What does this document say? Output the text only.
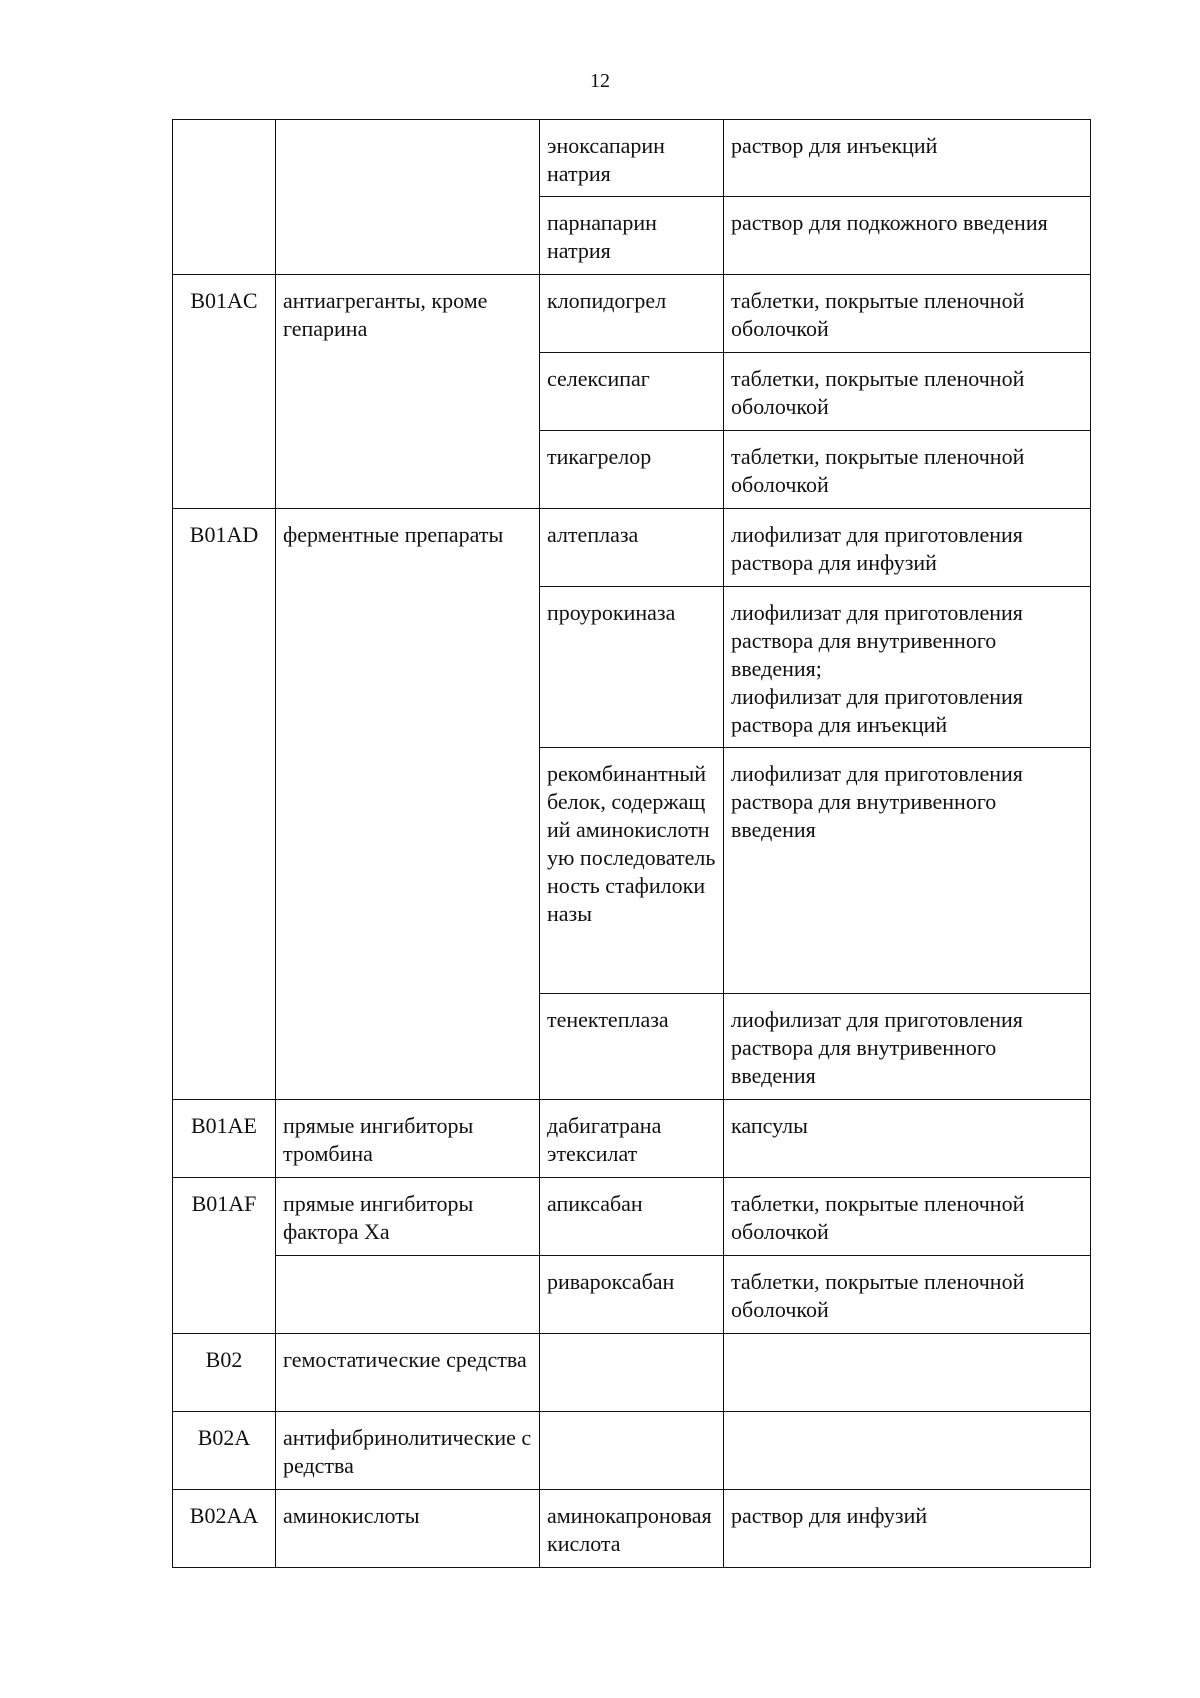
12
		эноксапарин натрия	раствор для инъекций
		парнапарин натрия	раствор для подкожного введения
B01AC	антиагреганты, кроме гепарина	клопидогрел	таблетки, покрытые пленочной оболочкой
		селексипаг	таблетки, покрытые пленочной оболочкой
		тикагрелор	таблетки, покрытые пленочной оболочкой
B01AD	ферментные препараты	алтеплаза	лиофилизат для приготовления раствора для инфузий
		проурокиназа	лиофилизат для приготовления раствора для внутривенного введения;
лиофилизат для приготовления раствора для инъекций
		рекомбинантный белок, содержащий аминокислотную последовательность стафилокиназы	лиофилизат для приготовления раствора для внутривенного введения
		тенектеплаза	лиофилизат для приготовления раствора для внутривенного введения
B01AE	прямые ингибиторы тромбина	дабигатрана этексилат	капсулы
B01AF	прямые ингибиторы фактора Xa	апиксабан	таблетки, покрытые пленочной оболочкой
		ривароксабан	таблетки, покрытые пленочной оболочкой
B02	гемостатические средства		
B02A	антифибринолитические средства		
B02AA	аминокислоты	аминокапроновая кислота	раствор для инфузий
